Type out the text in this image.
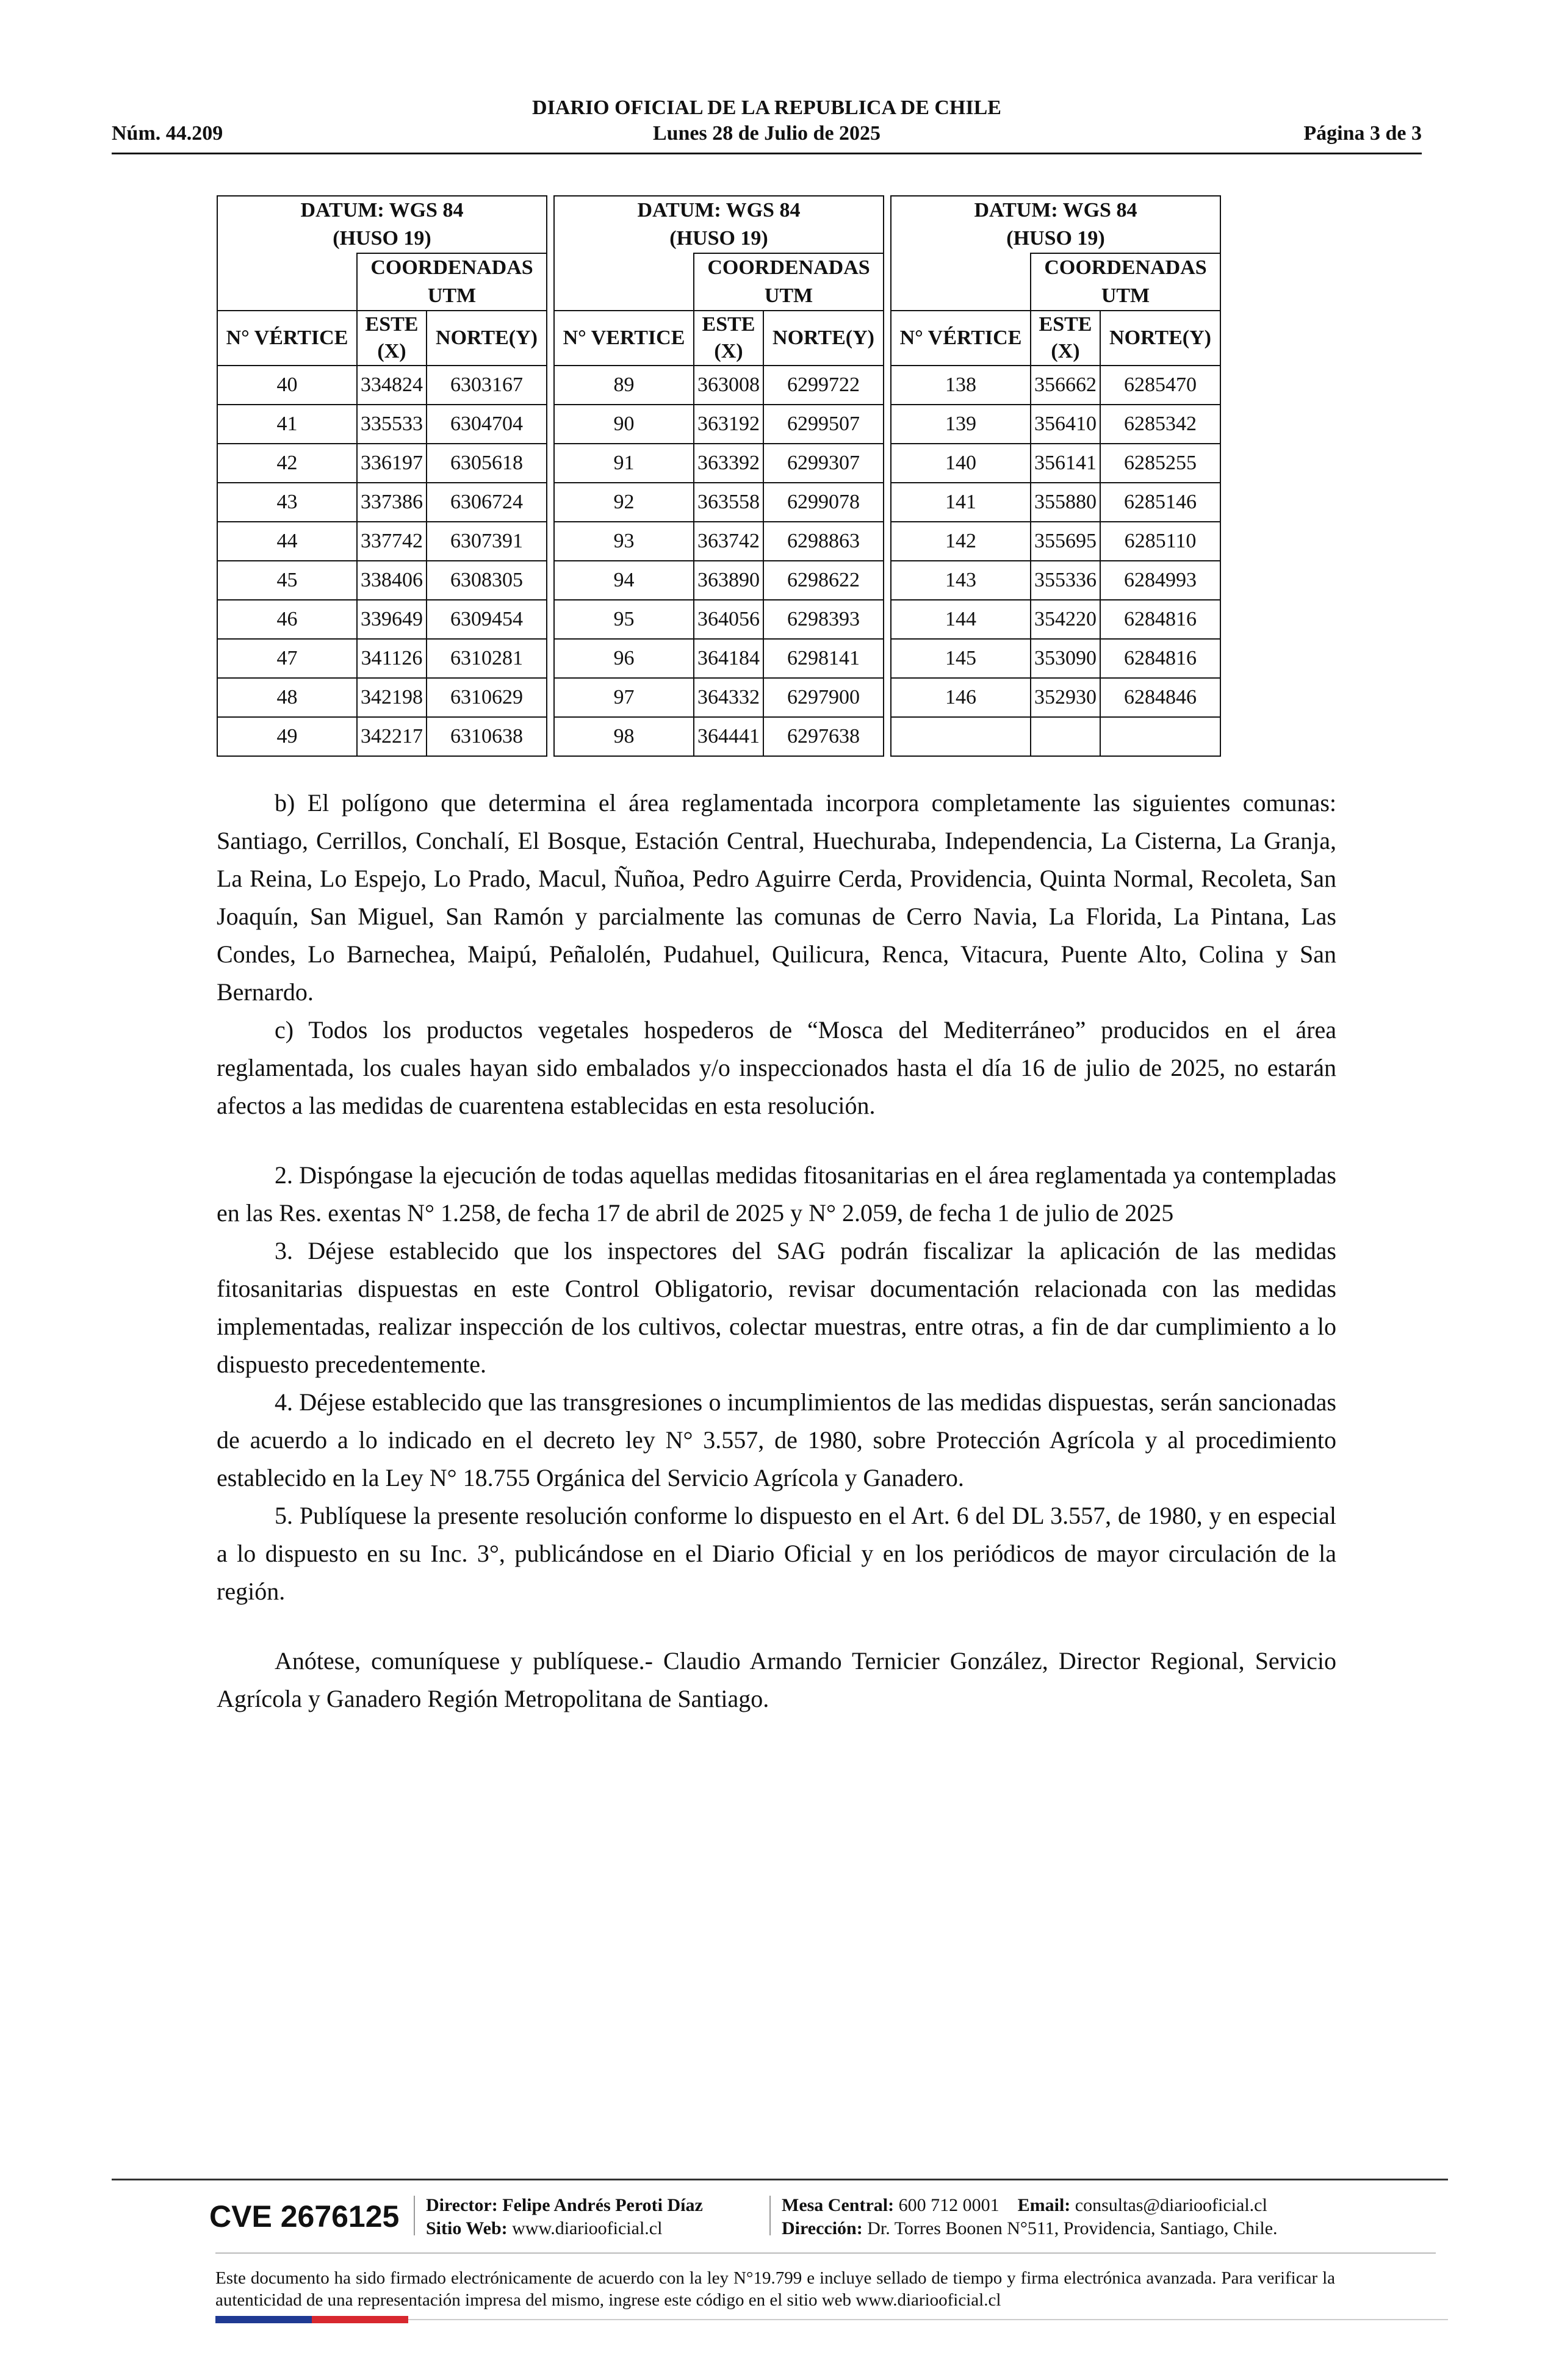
DIARIO OFICIAL DE LA REPUBLICA DE CHILE
Núm. 44.209	Lunes 28 de Julio de 2025	Página 3 de 3
DATUM: WGS 84
(HUSO 19)		

	COORDENADAS UTM	
N° VÉRTICE	ESTE (X)	NORTE(Y)
40	334824	6303167
41	335533	6304704
42	336197	6305618
43	337386	6306724
44	337742	6307391
45	338406	6308305
46	339649	6309454
47	341126	6310281
48	342198	6310629
49	342217	6310638
DATUM: WGS 84
(HUSO 19)		

	COORDENADAS UTM	
N° VERTICE	ESTE (X)	NORTE(Y)
89	363008	6299722
90	363192	6299507
91	363392	6299307
92	363558	6299078
93	363742	6298863
94	363890	6298622
95	364056	6298393
96	364184	6298141
97	364332	6297900
98	364441	6297638
DATUM: WGS 84
(HUSO 19)		

	COORDENADAS UTM	
N° VÉRTICE	ESTE (X)	NORTE(Y)
138	356662	6285470
139	356410	6285342
140	356141	6285255
141	355880	6285146
142	355695	6285110
143	355336	6284993
144	354220	6284816
145	353090	6284816
146	352930	6284846

b) El polígono que determina el área reglamentada incorpora completamente las siguientes comunas: Santiago, Cerrillos, Conchalí, El Bosque, Estación Central, Huechuraba, Independencia, La Cisterna, La Granja, La Reina, Lo Espejo, Lo Prado, Macul, Ñuñoa, Pedro Aguirre Cerda, Providencia, Quinta Normal, Recoleta, San Joaquín, San Miguel, San Ramón y parcialmente las comunas de Cerro Navia, La Florida, La Pintana, Las Condes, Lo Barnechea, Maipú, Peñalolén, Pudahuel, Quilicura, Renca, Vitacura, Puente Alto, Colina y San Bernardo.

c) Todos los productos vegetales hospederos de “Mosca del Mediterráneo” producidos en el área reglamentada, los cuales hayan sido embalados y/o inspeccionados hasta el día 16 de julio de 2025, no estarán afectos a las medidas de cuarentena establecidas en esta resolución.

2. Dispóngase la ejecución de todas aquellas medidas fitosanitarias en el área reglamentada ya contempladas en las Res. exentas N° 1.258, de fecha 17 de abril de 2025 y N° 2.059, de fecha 1 de julio de 2025

3. Déjese establecido que los inspectores del SAG podrán fiscalizar la aplicación de las medidas fitosanitarias dispuestas en este Control Obligatorio, revisar documentación relacionada con las medidas implementadas, realizar inspección de los cultivos, colectar muestras, entre otras, a fin de dar cumplimiento a lo dispuesto precedentemente.

4. Déjese establecido que las transgresiones o incumplimientos de las medidas dispuestas, serán sancionadas de acuerdo a lo indicado en el decreto ley N° 3.557, de 1980, sobre Protección Agrícola y al procedimiento establecido en la Ley N° 18.755 Orgánica del Servicio Agrícola y Ganadero.

5. Publíquese la presente resolución conforme lo dispuesto en el Art. 6 del DL 3.557, de 1980, y en especial a lo dispuesto en su Inc. 3°, publicándose en el Diario Oficial y en los periódicos de mayor circulación de la región.

Anótese, comuníquese y publíquese.- Claudio Armando Ternicier González, Director Regional, Servicio Agrícola y Ganadero Región Metropolitana de Santiago.

CVE 2676125 Director: Felipe Andrés Peroti Díaz
Sitio Web: www.diariooficial.cl
Mesa Central: 600 712 0001 Email: consultas@diariooficial.cl
Dirección: Dr. Torres Boonen N°511, Providencia, Santiago, Chile.
Este documento ha sido firmado electrónicamente de acuerdo con la ley N°19.799 e incluye sellado de tiempo y firma electrónica avanzada. Para verificar la autenticidad de una representación impresa del mismo, ingrese este código en el sitio web www.diariooficial.cl
